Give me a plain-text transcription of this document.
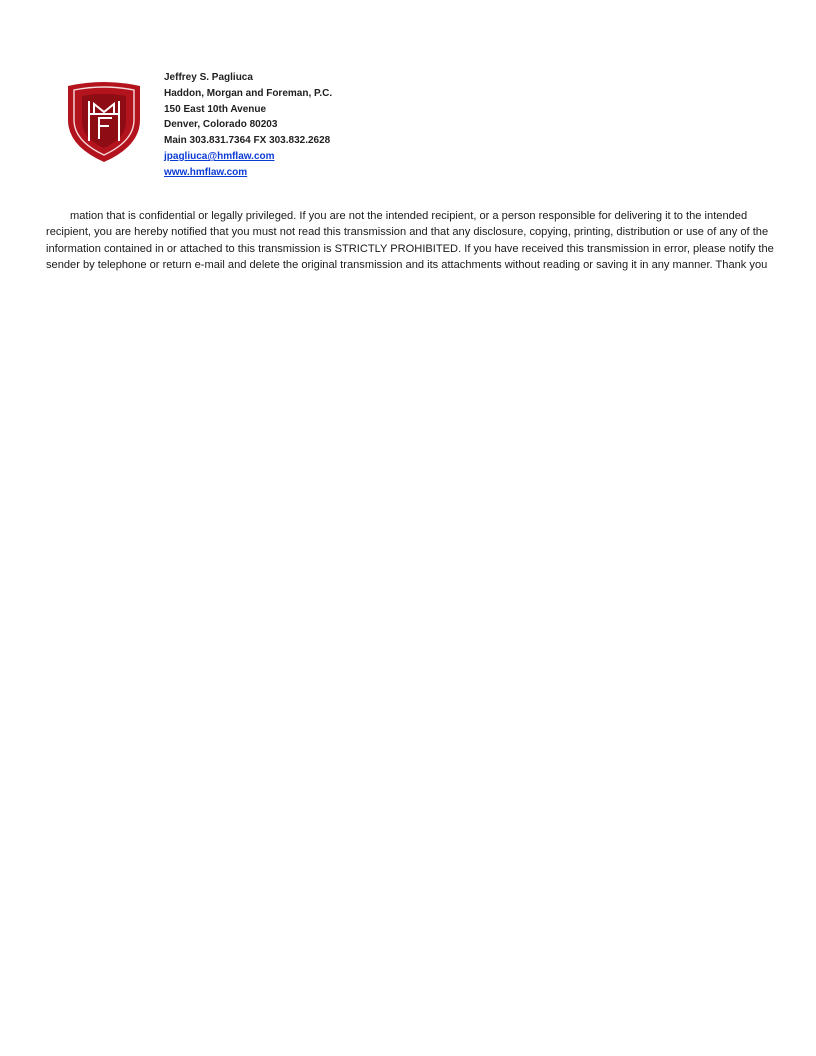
Jeffrey S. Pagliuca
Haddon, Morgan and Foreman, P.C.
150 East 10th Avenue
Denver, Colorado 80203
Main 303.831.7364 FX 303.832.2628
jpagliuca@hmflaw.com
www.hmflaw.com

mation that is confidential or legally privileged. If you are not the intended recipient, or a person responsible for delivering it to the intended recipient, you are hereby notified that you must not read this transmission and that any disclosure, copying, printing, distribution or use of any of the information contained in or attached to this transmission is STRICTLY PROHIBITED. If you have received this transmission in error, please notify the sender by telephone or return e-mail and delete the original transmission and its attachments without reading or saving it in any manner. Thank you
